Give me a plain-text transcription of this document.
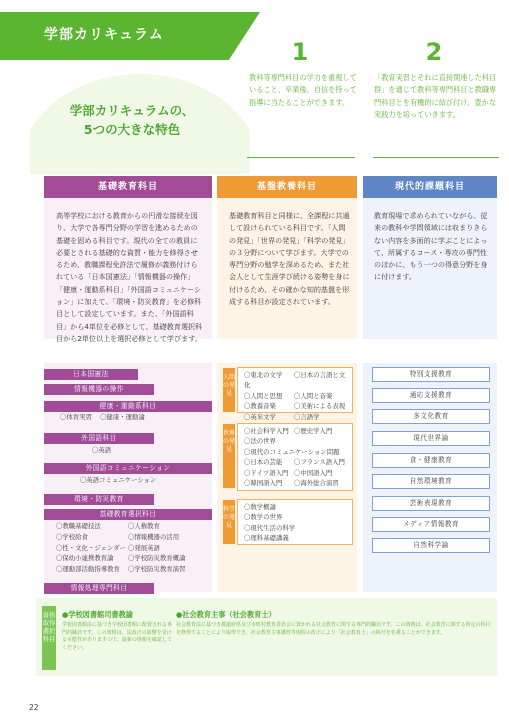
学部カリキュラム
学部カリキュラムの、
5つの大きな特色
1
教科等専門科目の学力を重視していること、卒業後、自信を持って指導に当たることができます。
2
「教育実習とそれに直接関連した科目群」を通じて教科等専門科目と教職専門科目とを有機的に結び付け、豊かな実践力を培っていきます。
基礎教育科目	基盤教養科目	現代的課題科目
高等学校における教育からの円滑な接続を図り、大学で各専門分野の学習を進めるための基礎を固める科目です。現代の全ての教員に必要とされる基礎的な資質・能力を修得させるため、教職課程免許法で履修が義務付けられている「日本国憲法」「情報機器の操作」「健康・運動系科目」「外国語コミュニケーション」に加えて、「環境・防災教育」を必修科目として設定しています。また、「外国語科目」から4単位を必修として、基礎教育選択科目から2単位以上を選択必修として学びます。
基礎教育科目と同様に、全課程に共通して設けられている科目です。「人間の発見」「世界の発見」「科学の発見」の３分野について学びます。大学での専門分野の勉学を深めるため、また社会人として生涯学び続ける姿勢を身に付けるため、その確かな知的基盤を形成する科目が設定されています。
教育現場で求められていながら、従来の教科や学問領域には収まりきらない内容を多面的に学ぶことによって、所属するコース・専攻の専門性のほかに、もう一つの得意分野を身に付けます。
日本国憲法
情報機器の操作
健康・運動系科目
〇体育実習 〇健康・運動論
外国語科目
〇英語
外国語コミュニケーション
〇英語コミュニケーション
環境・防災教育
基礎教育選択科目
〇教職基礎技法	〇人権教育
〇学校給食	〇情報機器の活用
〇性・文化・ジェンダー 〇発展英語
〇保幼小連携教育論 〇学校防災教育概論
〇運動部活動指導教育 〇学校防災教育演習
情報処理専門科目
人間の発見
〇東北の文学 〇日本の言語と文化
〇人間と思想 〇人間と音楽
〇教養音楽	〇美術による表現
〇英米文学	〇言語学
世界の発見
〇社会科学入門 〇歴史学入門
〇法の世界
〇現代のコミュニケーション問題
〇日本の芸能 〇フランス語入門
〇ドイツ語入門 〇中国語入門
〇韓国語入門 〇海外総合演習
科学の発見
〇数学概論
〇数学の世界
〇現代生活の科学
〇理科基礎講義
特別支援教育
通応支援教育
多文化教育
現代世界論
食・健康教育
自然環境教育
芸術表現教育
メディア情報教育
自然科学論
資格取得選択科目
●学校図書館司書教諭
学校図書館法に基づき学校図書館に配置される専門的職員です。この資格は、法改正の影響を受ける可能性がありますので、最新の情報を確認してください。
●社会教育主事（社会教育士）
社会教育法に基づき都道府県及び市町村教育委員会に置かれる社会教育に関する専門的職員です。この資格は、社会教育に関する所定の科目を修得することにより取得でき、社会教育主事講習等規程の改正により「社会教育士」の称号を名乗ることができます。
22
